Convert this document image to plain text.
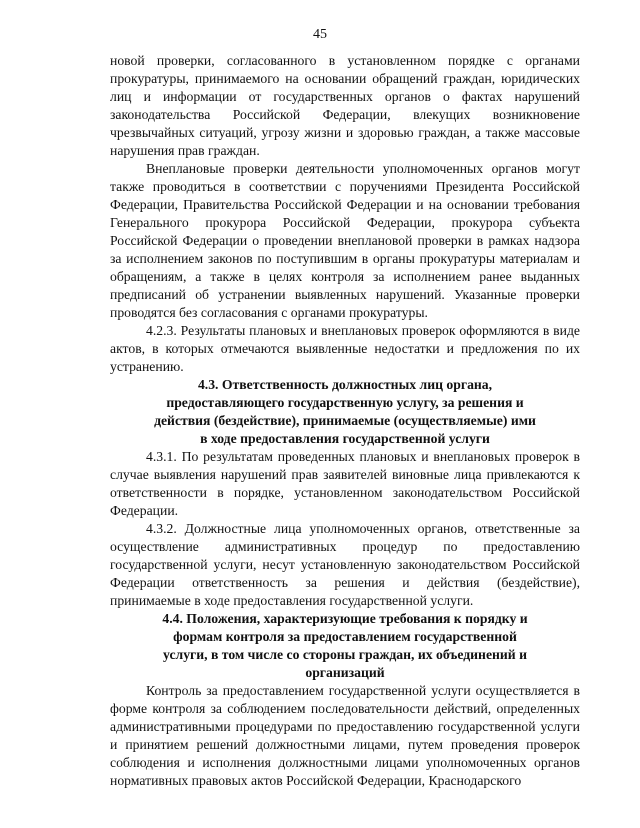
45

новой проверки, согласованного в установленном порядке с органами прокуратуры, принимаемого на основании обращений граждан, юридических лиц и информации от государственных органов о фактах нарушений законодательства Российской Федерации, влекущих возникновение чрезвычайных ситуаций, угрозу жизни и здоровью граждан, а также массовые нарушения прав граждан.

Внеплановые проверки деятельности уполномоченных органов могут также проводиться в соответствии с поручениями Президента Российской Федерации, Правительства Российской Федерации и на основании требования Генерального прокурора Российской Федерации, прокурора субъекта Российской Федерации о проведении внеплановой проверки в рамках надзора за исполнением законов по поступившим в органы прокуратуры материалам и обращениям, а также в целях контроля за исполнением ранее выданных предписаний об устранении выявленных нарушений. Указанные проверки проводятся без согласования с органами прокуратуры.

4.2.3. Результаты плановых и внеплановых проверок оформляются в виде актов, в которых отмечаются выявленные недостатки и предложения по их устранению.

4.3. Ответственность должностных лиц органа, предоставляющего государственную услугу, за решения и действия (бездействие), принимаемые (осуществляемые) ими в ходе предоставления государственной услуги

4.3.1. По результатам проведенных плановых и внеплановых проверок в случае выявления нарушений прав заявителей виновные лица привлекаются к ответственности в порядке, установленном законодательством Российской Федерации.

4.3.2. Должностные лица уполномоченных органов, ответственные за осуществление административных процедур по предоставлению государственной услуги, несут установленную законодательством Российской Федерации ответственность за решения и действия (бездействие), принимаемые в ходе предоставления государственной услуги.

4.4. Положения, характеризующие требования к порядку и формам контроля за предоставлением государственной услуги, в том числе со стороны граждан, их объединений и организаций

Контроль за предоставлением государственной услуги осуществляется в форме контроля за соблюдением последовательности действий, определенных административными процедурами по предоставлению государственной услуги и принятием решений должностными лицами, путем проведения проверок соблюдения и исполнения должностными лицами уполномоченных органов нормативных правовых актов Российской Федерации, Краснодарского
